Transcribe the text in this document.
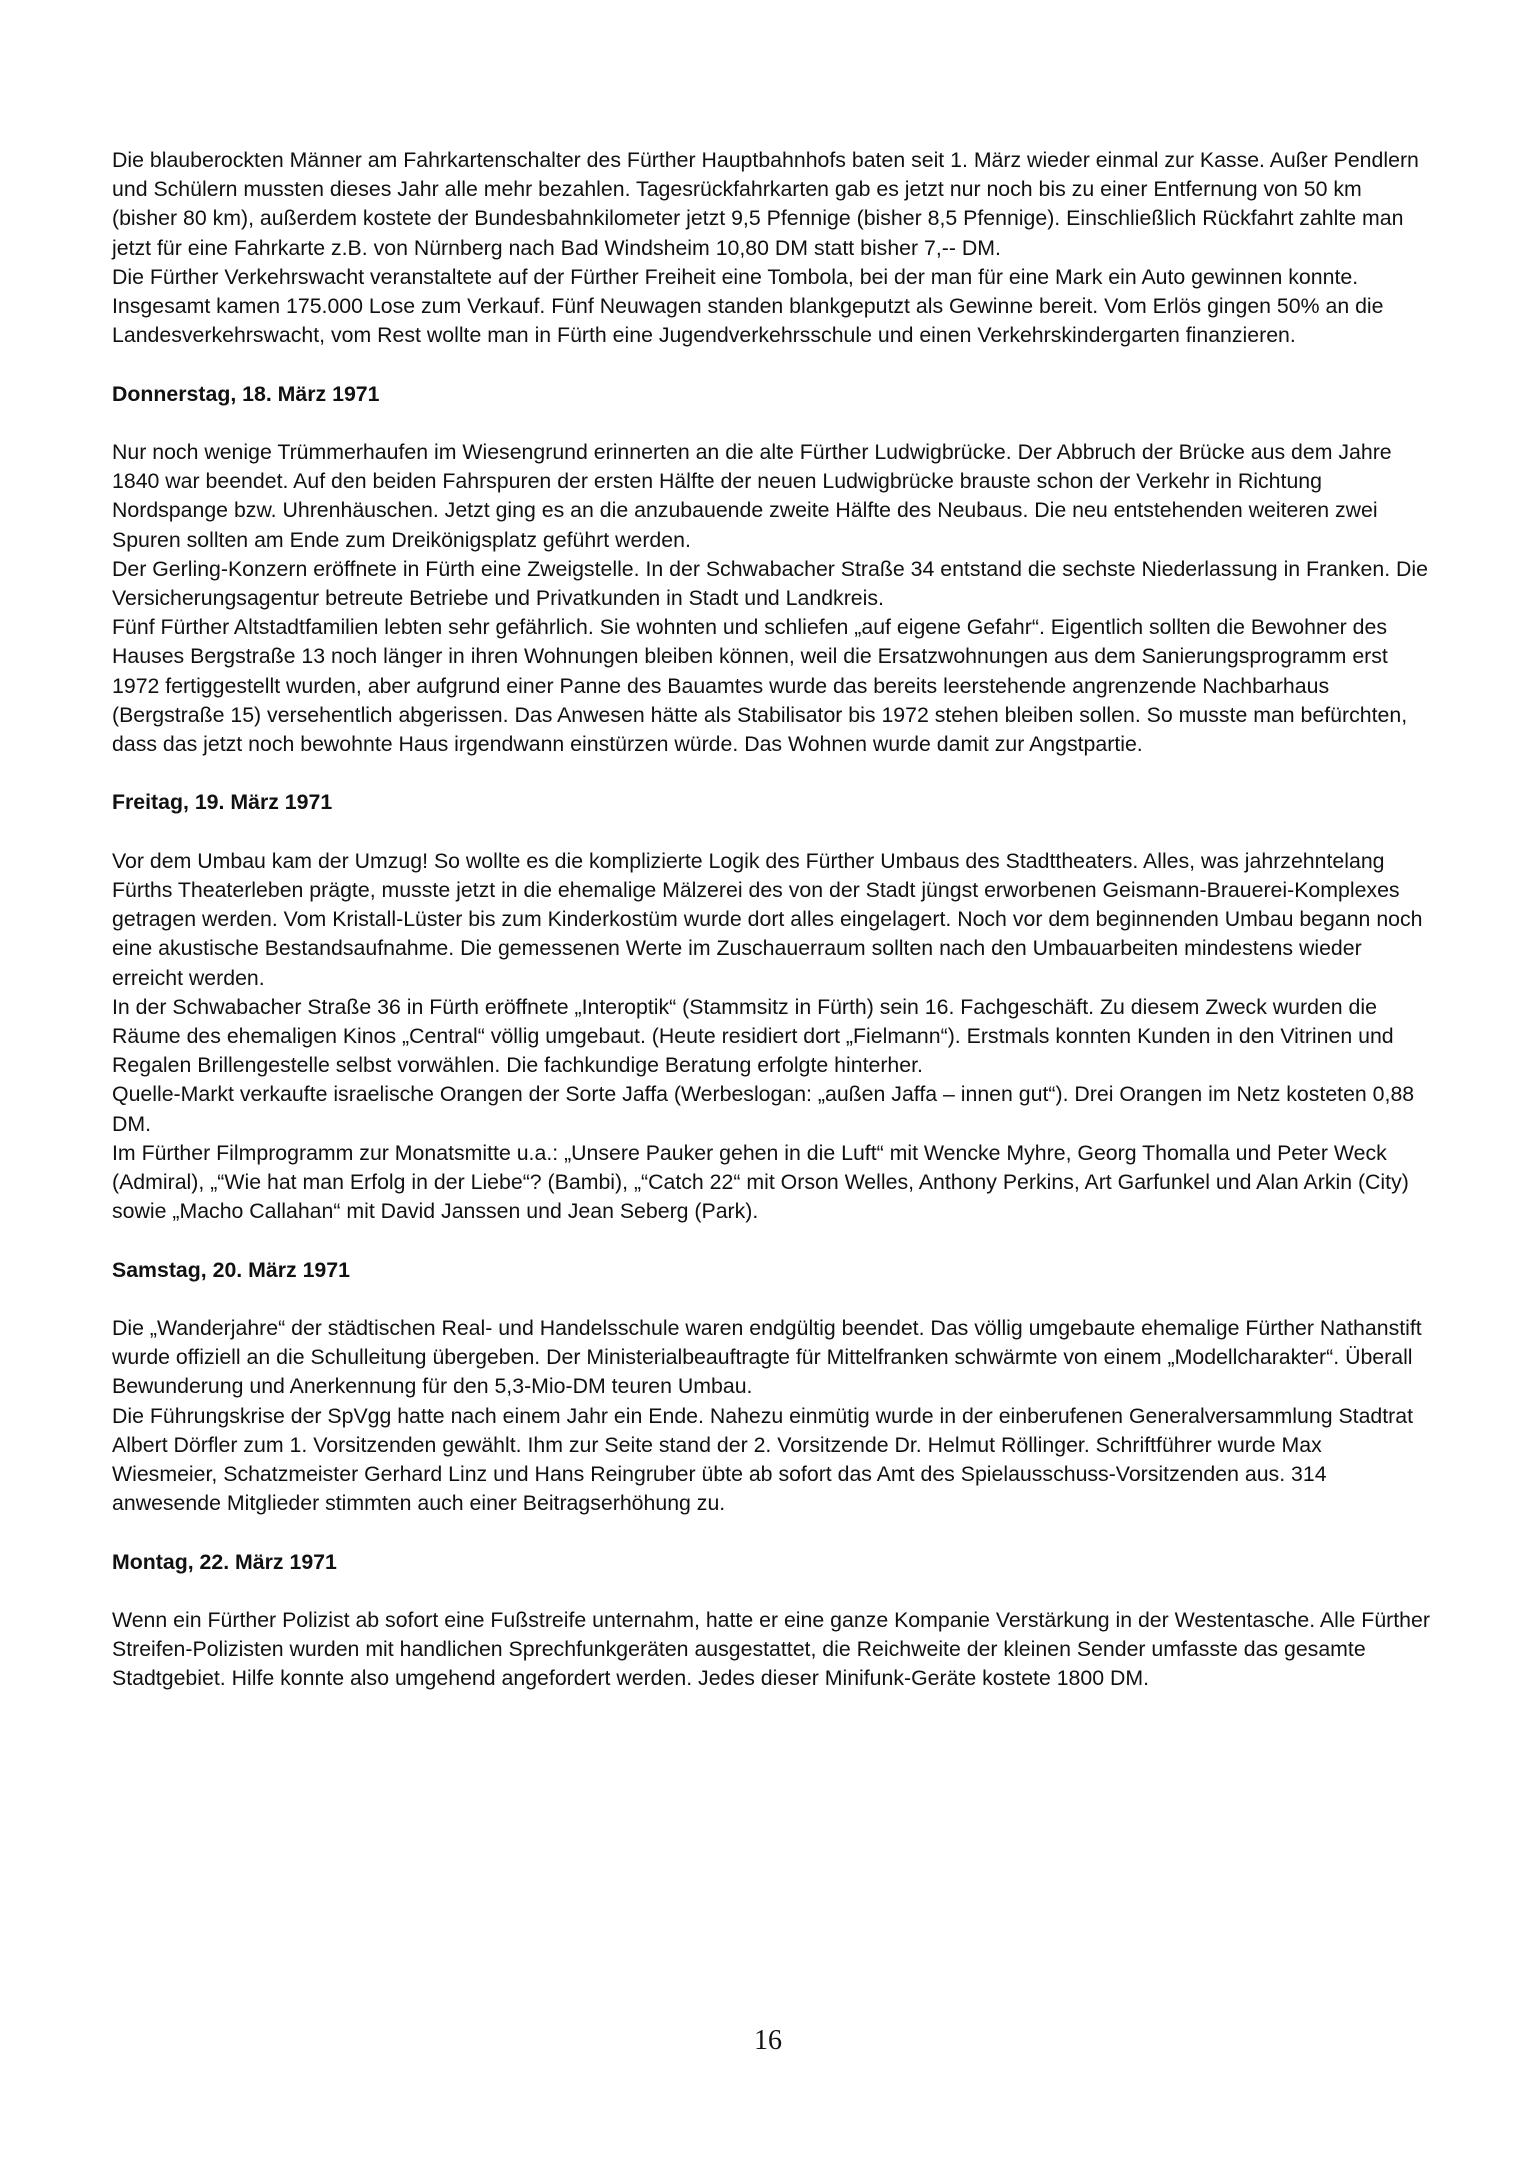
Die blauberockten Männer am Fahrkartenschalter des Fürther Hauptbahnhofs baten seit 1. März wieder einmal zur Kasse. Außer Pendlern und Schülern mussten dieses Jahr alle mehr bezahlen. Tagesrückfahrkarten gab es jetzt nur noch bis zu einer Entfernung von 50 km (bisher 80 km), außerdem kostete der Bundesbahnkilometer jetzt 9,5 Pfennige (bisher 8,5 Pfennige). Einschließlich Rückfahrt zahlte man jetzt für eine Fahrkarte z.B. von Nürnberg nach Bad Windsheim 10,80 DM statt bisher 7,-- DM.

Die Fürther Verkehrswacht veranstaltete auf der Fürther Freiheit eine Tombola, bei der man für eine Mark ein Auto gewinnen konnte. Insgesamt kamen 175.000 Lose zum Verkauf. Fünf Neuwagen standen blankgeputzt als Gewinne bereit. Vom Erlös gingen 50% an die Landesverkehrswacht, vom Rest wollte man in Fürth eine Jugendverkehrsschule und einen Verkehrskindergarten finanzieren.

Donnerstag, 18. März 1971

Nur noch wenige Trümmerhaufen im Wiesengrund erinnerten an die alte Fürther Ludwigbrücke. Der Abbruch der Brücke aus dem Jahre 1840 war beendet. Auf den beiden Fahrspuren der ersten Hälfte der neuen Ludwigbrücke brauste schon der Verkehr in Richtung Nordspange bzw. Uhrenhäuschen. Jetzt ging es an die anzubauende zweite Hälfte des Neubaus. Die neu entstehenden weiteren zwei Spuren sollten am Ende zum Dreikönigsplatz geführt werden.

Der Gerling-Konzern eröffnete in Fürth eine Zweigstelle. In der Schwabacher Straße 34 entstand die sechste Niederlassung in Franken. Die Versicherungsagentur betreute Betriebe und Privatkunden in Stadt und Landkreis.

Fünf Fürther Altstadtfamilien lebten sehr gefährlich. Sie wohnten und schliefen „auf eigene Gefahr“. Eigentlich sollten die Bewohner des Hauses Bergstraße 13 noch länger in ihren Wohnungen bleiben können, weil die Ersatzwohnungen aus dem Sanierungsprogramm erst 1972 fertiggestellt wurden, aber aufgrund einer Panne des Bauamtes wurde das bereits leerstehende angrenzende Nachbarhaus (Bergstraße 15) versehentlich abgerissen. Das Anwesen hätte als Stabilisator bis 1972 stehen bleiben sollen. So musste man befürchten, dass das jetzt noch bewohnte Haus irgendwann einstürzen würde. Das Wohnen wurde damit zur Angstpartie.

Freitag, 19. März 1971

Vor dem Umbau kam der Umzug! So wollte es die komplizierte Logik des Fürther Umbaus des Stadttheaters. Alles, was jahrzehntelang Fürths Theaterleben prägte, musste jetzt in die ehemalige Mälzerei des von der Stadt jüngst erworbenen Geismann-Brauerei-Komplexes getragen werden. Vom Kristall-Lüster bis zum Kinderkostüm wurde dort alles eingelagert. Noch vor dem beginnenden Umbau begann noch eine akustische Bestandsaufnahme. Die gemessenen Werte im Zuschauerraum sollten nach den Umbauarbeiten mindestens wieder erreicht werden.

In der Schwabacher Straße 36 in Fürth eröffnete „Interoptik“ (Stammsitz in Fürth) sein 16. Fachgeschäft. Zu diesem Zweck wurden die Räume des ehemaligen Kinos „Central“ völlig umgebaut. (Heute residiert dort „Fielmann“). Erstmals konnten Kunden in den Vitrinen und Regalen Brillengestelle selbst vorwählen. Die fachkundige Beratung erfolgte hinterher.

Quelle-Markt verkaufte israelische Orangen der Sorte Jaffa (Werbeslogan: „außen Jaffa – innen gut“). Drei Orangen im Netz kosteten 0,88 DM.

Im Fürther Filmprogramm zur Monatsmitte u.a.: „Unsere Pauker gehen in die Luft“ mit Wencke Myhre, Georg Thomalla und Peter Weck (Admiral), „“Wie hat man Erfolg in der Liebe“? (Bambi), „“Catch 22“ mit Orson Welles, Anthony Perkins, Art Garfunkel und Alan Arkin (City) sowie „Macho Callahan“ mit David Janssen und Jean Seberg (Park).

Samstag, 20. März 1971

Die „Wanderjahre“ der städtischen Real- und Handelsschule waren endgültig beendet. Das völlig umgebaute ehemalige Fürther Nathanstift wurde offiziell an die Schulleitung übergeben. Der Ministerialbeauftragte für Mittelfranken schwärmte von einem „Modellcharakter“. Überall Bewunderung und Anerkennung für den 5,3-Mio-DM teuren Umbau.

Die Führungskrise der SpVgg hatte nach einem Jahr ein Ende. Nahezu einmütig wurde in der einberufenen Generalversammlung Stadtrat Albert Dörfler zum 1. Vorsitzenden gewählt. Ihm zur Seite stand der 2. Vorsitzende Dr. Helmut Röllinger. Schriftführer wurde Max Wiesmeier, Schatzmeister Gerhard Linz und Hans Reingruber übte ab sofort das Amt des Spielausschuss-Vorsitzenden aus. 314 anwesende Mitglieder stimmten auch einer Beitragserhöhung zu.

Montag, 22. März 1971

Wenn ein Fürther Polizist ab sofort eine Fußstreife unternahm, hatte er eine ganze Kompanie Verstärkung in der Westentasche. Alle Fürther Streifen-Polizisten wurden mit handlichen Sprechfunkgeräten ausgestattet, die Reichweite der kleinen Sender umfasste das gesamte Stadtgebiet. Hilfe konnte also umgehend angefordert werden. Jedes dieser Minifunk-Geräte kostete 1800 DM.

16
